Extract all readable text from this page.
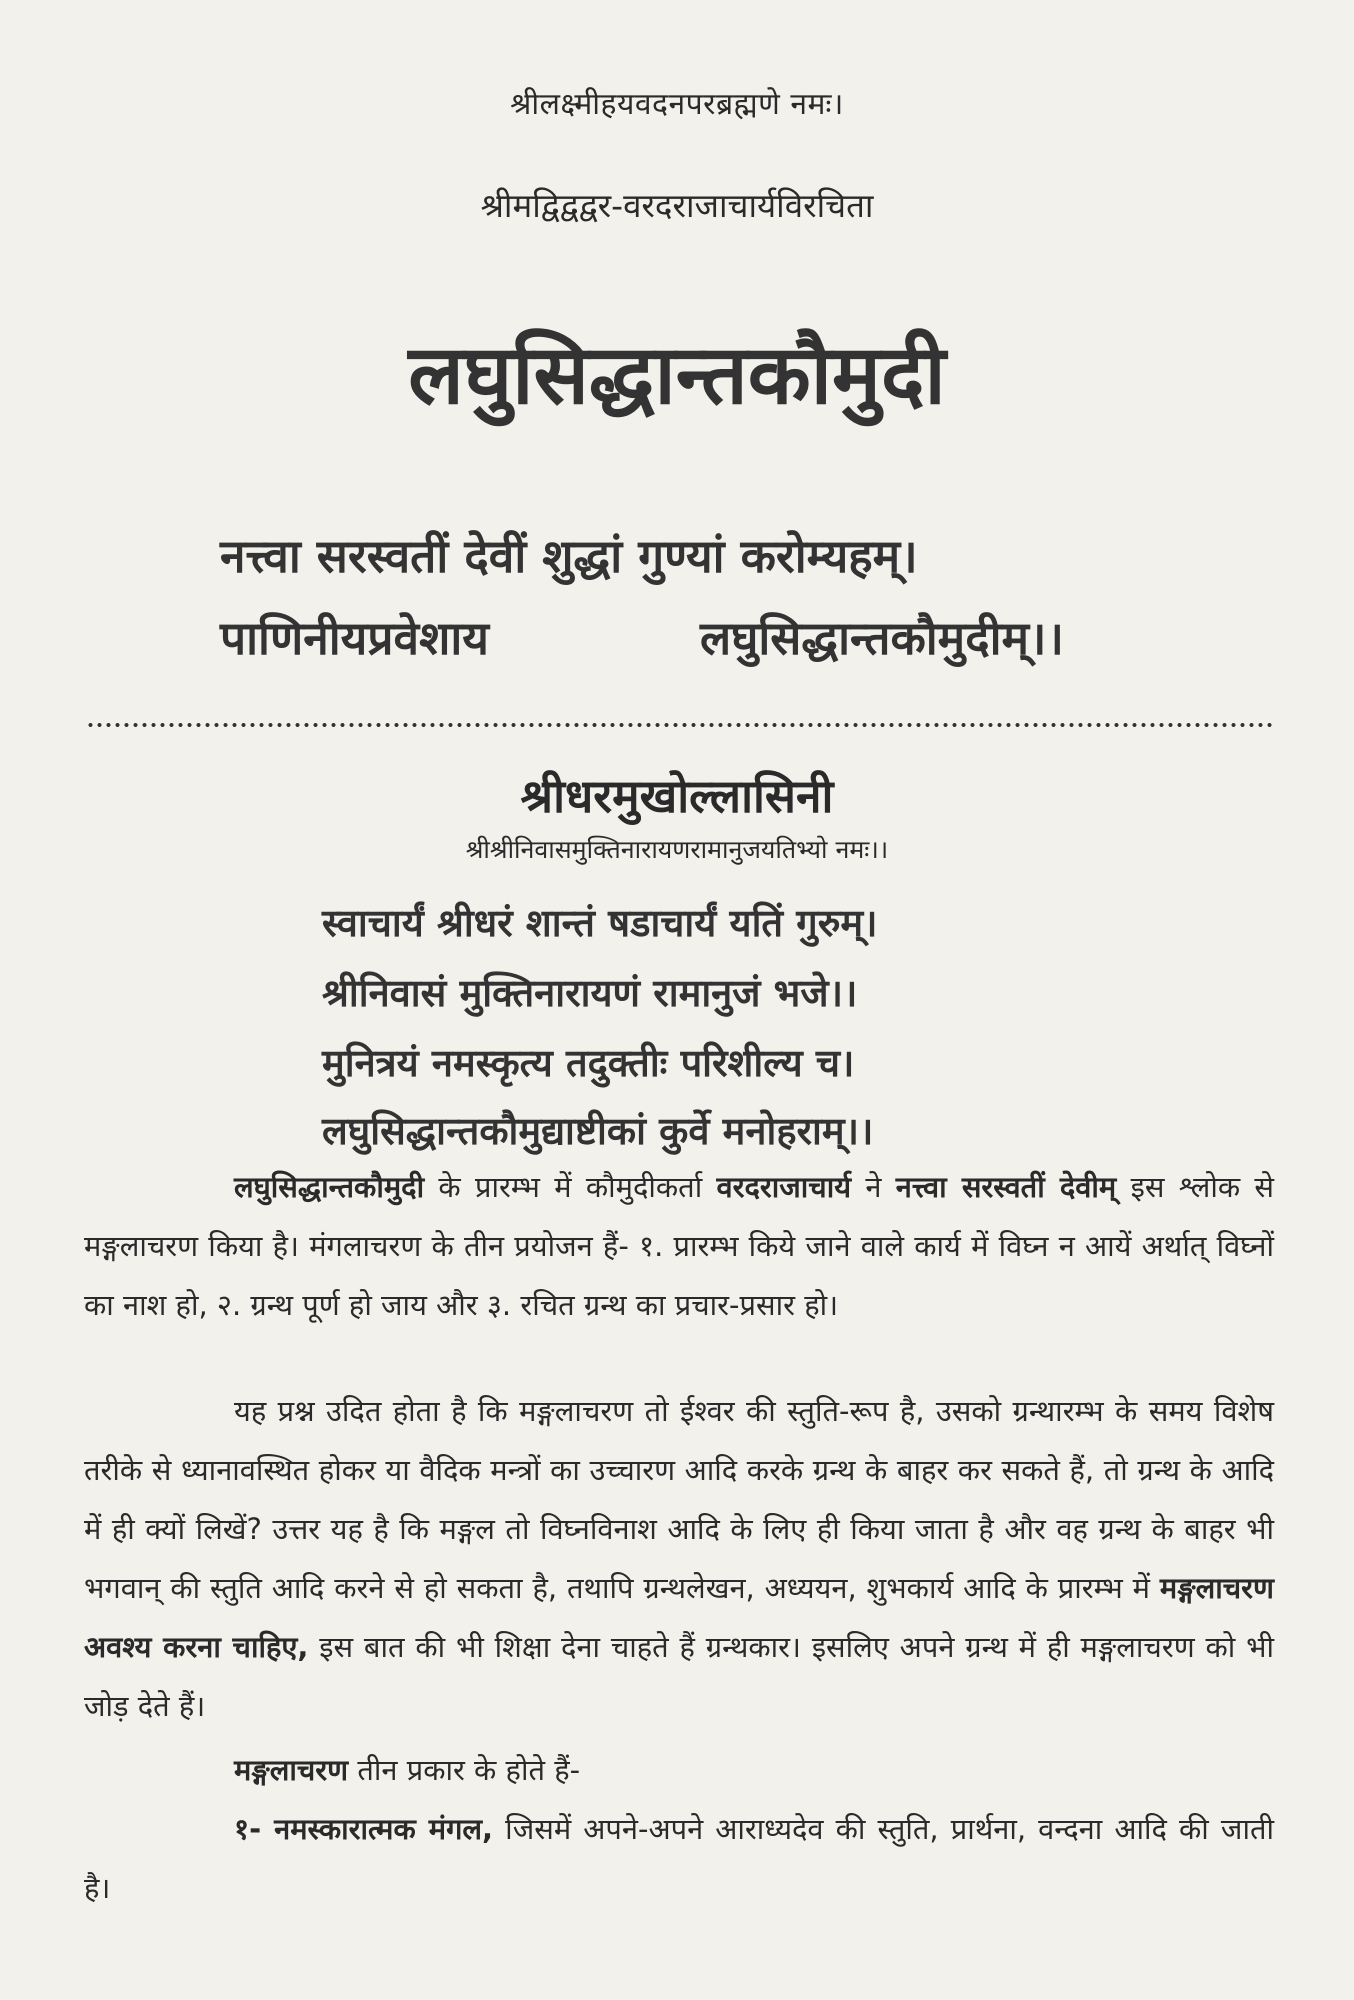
श्रीलक्ष्मीहयवदनपरब्रह्मणे नमः।
श्रीमद्विद्वद्वर-वरदराजाचार्यविरचिता
लघुसिद्धान्तकौमुदी
नत्त्वा सरस्वतीं देवीं शुद्धां गुण्यां करोम्यहम्।
पाणिनीयप्रवेशाय	लघुसिद्धान्तकौमुदीम्।।
श्रीधरमुखोल्लासिनी
श्रीश्रीनिवासमुक्तिनारायणरामानुजयतिभ्यो नमः।।
स्वाचार्यं श्रीधरं शान्तं षडाचार्यं यतिं गुरुम्।
श्रीनिवासं मुक्तिनारायणं रामानुजं भजे।।
मुनित्रयं नमस्कृत्य तदुक्तीः परिशील्य च।
लघुसिद्धान्तकौमुद्याष्टीकां कुर्वे मनोहराम्।।
लघुसिद्धान्तकौमुदी के प्रारम्भ में कौमुदीकर्ता वरदराजाचार्य ने नत्त्वा सरस्वतीं देवीम् इस श्लोक से मङ्गलाचरण किया है। मंगलाचरण के तीन प्रयोजन हैं- १. प्रारम्भ किये जाने वाले कार्य में विघ्न न आयें अर्थात् विघ्नों का नाश हो, २. ग्रन्थ पूर्ण हो जाय और ३. रचित ग्रन्थ का प्रचार-प्रसार हो।
यह प्रश्न उदित होता है कि मङ्गलाचरण तो ईश्वर की स्तुति-रूप है, उसको ग्रन्थारम्भ के समय विशेष तरीके से ध्यानावस्थित होकर या वैदिक मन्त्रों का उच्चारण आदि करके ग्रन्थ के बाहर कर सकते हैं, तो ग्रन्थ के आदि में ही क्यों लिखें? उत्तर यह है कि मङ्गल तो विघ्नविनाश आदि के लिए ही किया जाता है और वह ग्रन्थ के बाहर भी भगवान् की स्तुति आदि करने से हो सकता है, तथापि ग्रन्थलेखन, अध्ययन, शुभकार्य आदि के प्रारम्भ में मङ्गलाचरण अवश्य करना चाहिए, इस बात की भी शिक्षा देना चाहते हैं ग्रन्थकार। इसलिए अपने ग्रन्थ में ही मङ्गलाचरण को भी जोड़ देते हैं।
मङ्गलाचरण तीन प्रकार के होते हैं-
१- नमस्कारात्मक मंगल, जिसमें अपने-अपने आराध्यदेव की स्तुति, प्रार्थना, वन्दना आदि की जाती है।
